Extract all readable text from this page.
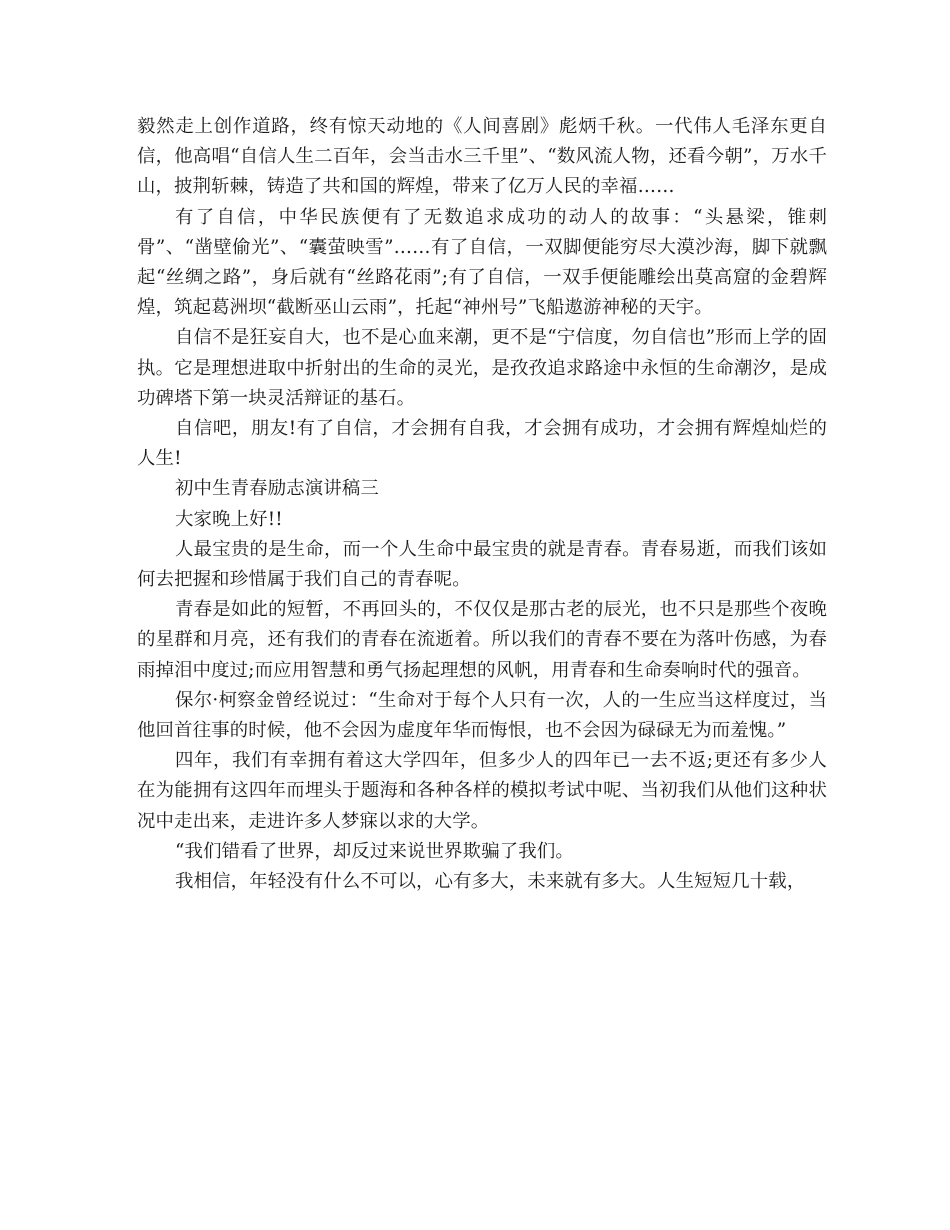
毅然走上创作道路，终有惊天动地的《人间喜剧》彪炳千秋。一代伟人毛泽东更自信，他高唱“自信人生二百年，会当击水三千里”、“数风流人物，还看今朝”，万水千山，披荆斩棘，铸造了共和国的辉煌，带来了亿万人民的幸福……

有了自信，中华民族便有了无数追求成功的动人的故事：“头悬梁，锥刺骨”、“凿壁偷光”、“囊萤映雪”……有了自信，一双脚便能穷尽大漠沙海，脚下就飘起“丝绸之路”，身后就有“丝路花雨”;有了自信，一双手便能雕绘出莫高窟的金碧辉煌，筑起葛洲坝“截断巫山云雨”，托起“神州号”飞船遨游神秘的天宇。

自信不是狂妄自大，也不是心血来潮，更不是“宁信度，勿自信也”形而上学的固执。它是理想进取中折射出的生命的灵光，是孜孜追求路途中永恒的生命潮汐，是成功碑塔下第一块灵活辩证的基石。

自信吧，朋友!有了自信，才会拥有自我，才会拥有成功，才会拥有辉煌灿烂的人生!

初中生青春励志演讲稿三

大家晚上好!!

人最宝贵的是生命，而一个人生命中最宝贵的就是青春。青春易逝，而我们该如何去把握和珍惜属于我们自己的青春呢。

青春是如此的短暂，不再回头的，不仅仅是那古老的辰光，也不只是那些个夜晚的星群和月亮，还有我们的青春在流逝着。所以我们的青春不要在为落叶伤感，为春雨掉泪中度过;而应用智慧和勇气扬起理想的风帆，用青春和生命奏响时代的强音。

保尔·柯察金曾经说过：“生命对于每个人只有一次，人的一生应当这样度过，当他回首往事的时候，他不会因为虚度年华而悔恨，也不会因为碌碌无为而羞愧。”

四年，我们有幸拥有着这大学四年，但多少人的四年已一去不返;更还有多少人在为能拥有这四年而埋头于题海和各种各样的模拟考试中呢、当初我们从他们这种状况中走出来，走进许多人梦寐以求的大学。

“我们错看了世界，却反过来说世界欺骗了我们。

我相信，年轻没有什么不可以，心有多大，未来就有多大。人生短短几十载，
